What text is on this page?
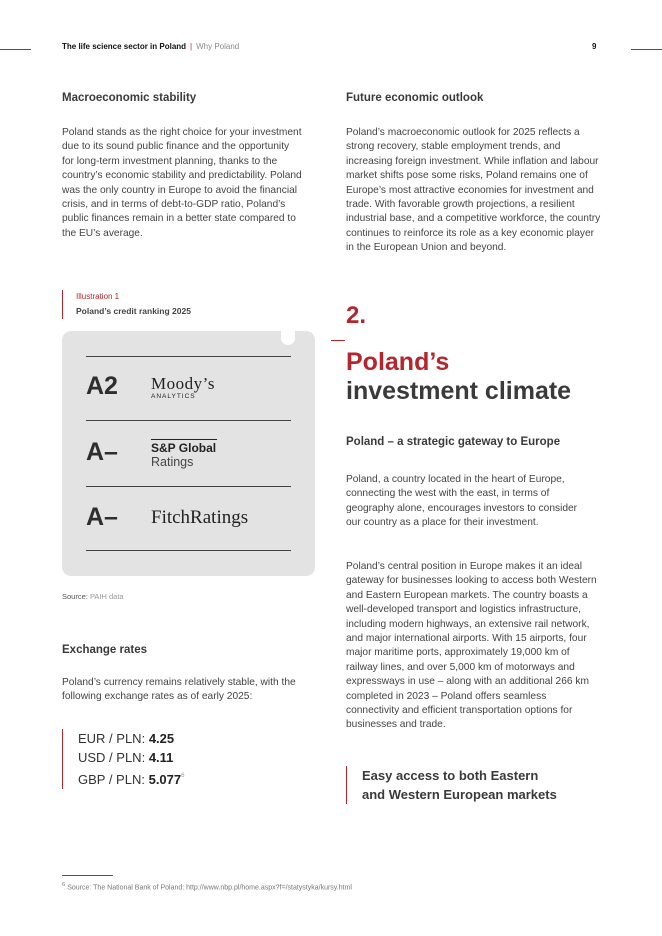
The life science sector in Poland | Why Poland	9
Macroeconomic stability

Poland stands as the right choice for your investment due to its sound public finance and the opportunity for long-term investment planning, thanks to the country’s economic stability and predictability. Poland was the only country in Europe to avoid the financial crisis, and in terms of debt-to-GDP ratio, Poland’s public finances remain in a better state compared to the EU’s average.

Illustration 1
Poland’s credit ranking 2025
A2 Moody’s
ANALYTICS
A–	S&P Global
Ratings
A– FitchRatings
Source: PAIH data
Exchange rates

Poland’s currency remains relatively stable, with the following exchange rates as of early 2025:

EUR / PLN: 4.25
USD / PLN: 4.11
GBP / PLN: 5.077$^6$
Future economic outlook

Poland’s macroeconomic outlook for 2025 reflects a strong recovery, stable employment trends, and increasing foreign investment. While inflation and labour market shifts pose some risks, Poland remains one of Europe’s most attractive economies for investment and trade. With favorable growth projections, a resilient industrial base, and a competitive workforce, the country continues to reinforce its role as a key economic player in the European Union and beyond.

2.
Poland’s
investment climate
Poland – a strategic gateway to Europe

Poland, a country located in the heart of Europe, connecting the west with the east, in terms of geography alone, encourages investors to consider our country as a place for their investment.

Poland’s central position in Europe makes it an ideal gateway for businesses looking to access both Western and Eastern European markets. The country boasts a well-developed transport and logistics infrastructure, including modern highways, an extensive rail network, and major international airports. With 15 airports, four major maritime ports, approximately 19,000 km of railway lines, and over 5,000 km of motorways and expressways in use – along with an additional 266 km completed in 2023 – Poland offers seamless connectivity and efficient transportation options for businesses and trade.

Easy access to both Eastern
and Western European markets
$^6$ Source: The National Bank of Poland: http://www.nbp.pl/home.aspx?f=/statystyka/kursy.html
